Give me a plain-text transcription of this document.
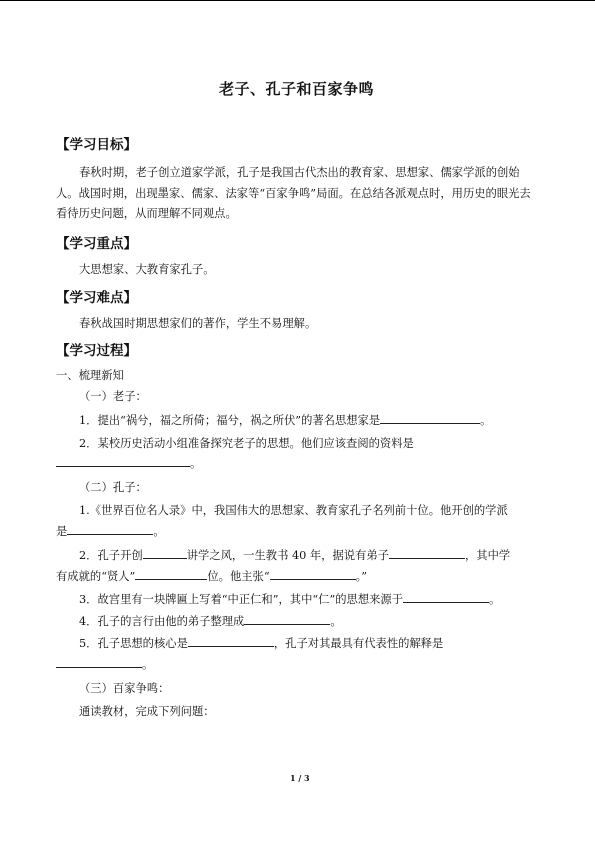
老子、孔子和百家争鸣
【学习目标】
春秋时期，老子创立道家学派，孔子是我国古代杰出的教育家、思想家、儒家学派的创始人。战国时期，出现墨家、儒家、法家等“百家争鸣”局面。在总结各派观点时，用历史的眼光去看待历史问题，从而理解不同观点。
【学习重点】
大思想家、大教育家孔子。
【学习难点】
春秋战国时期思想家们的著作，学生不易理解。
【学习过程】
一、梳理新知
（一）老子：
1．提出“祸兮，福之所倚；福兮，祸之所伏”的著名思想家是	。
2．某校历史活动小组准备探究老子的思想。他们应该查阅的资料是
。
（二）孔子：
1.《世界百位名人录》中，我国伟大的思想家、教育家孔子名列前十位。他开创的学派
是	。
2．孔子开创	讲学之风，一生教书 40 年，据说有弟子	，其中学
有成就的“贤人”	位。他主张“	。”
3．故宫里有一块牌匾上写着“中正仁和”，其中“仁”的思想来源于	。
4．孔子的言行由他的弟子整理成	。
5．孔子思想的核心是	，孔子对其最具有代表性的解释是
。
（三）百家争鸣：
通读教材，完成下列问题：
1 / 3
